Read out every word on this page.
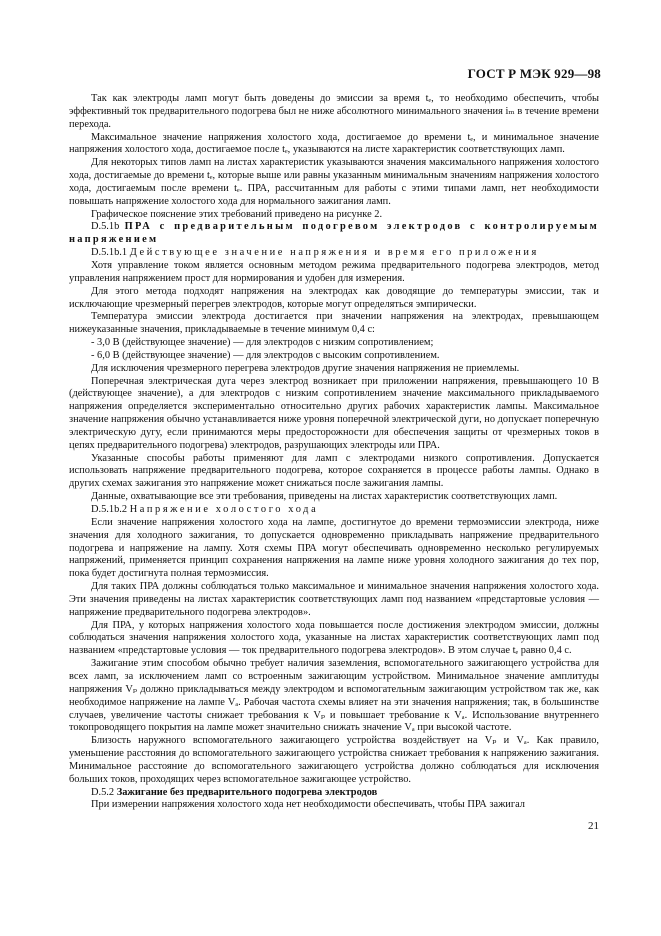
ГОСТ Р МЭК 929—98

Так как электроды ламп могут быть доведены до эмиссии за время tₑ, то необходимо обеспечить, чтобы эффективный ток предварительного подогрева был не ниже абсолютного минимального значения iₘ в течение времени перехода.

Максимальное значение напряжения холостого хода, достигаемое до времени tₑ, и минимальное значение напряжения холостого хода, достигаемое после tₑ, указываются на листе характеристик соответствующих ламп.

Для некоторых типов ламп на листах характеристик указываются значения максимального напряжения холостого хода, достигаемые до времени tₑ, которые выше или равны указанным минимальным значениям напряжения холостого хода, достигаемым после времени tₑ. ПРА, рассчитанным для работы с этими типами ламп, нет необходимости повышать напряжение холостого хода для нормального зажигания ламп.

Графическое пояснение этих требований приведено на рисунке 2.

D.5.1b ПРА с предварительным подогревом электродов с контролируемым напряжением

D.5.1b.1 Действующее значение напряжения и время его приложения

Хотя управление током является основным методом режима предварительного подогрева электродов, метод управления напряжением прост для нормирования и удобен для измерения.

Для этого метода подходят напряжения на электродах как доводящие до температуры эмиссии, так и исключающие чрезмерный перегрев электродов, которые могут определяться эмпирически.

Температура эмиссии электрода достигается при значении напряжения на электродах, превышающем нижеуказанные значения, прикладываемые в течение минимум 0,4 с:

- 3,0 В (действующее значение) — для электродов с низким сопротивлением;

- 6,0 В (действующее значение) — для электродов с высоким сопротивлением.

Для исключения чрезмерного перегрева электродов другие значения напряжения не приемлемы.

Поперечная электрическая дуга через электрод возникает при приложении напряжения, превышающего 10 В (действующее значение), а для электродов с низким сопротивлением значение максимального прикладываемого напряжения определяется экспериментально относительно других рабочих характеристик лампы. Максимальное значение напряжения обычно устанавливается ниже уровня поперечной электрической дуги, но допускает поперечную электрическую дугу, если принимаются меры предосторожности для обеспечения защиты от чрезмерных токов в цепях предварительного подогрева) электродов, разрушающих электроды или ПРА.

Указанные способы работы применяют для ламп с электродами низкого сопротивления. Допускается использовать напряжение предварительного подогрева, которое сохраняется в процессе работы лампы. Однако в других схемах зажигания это напряжение может снижаться после зажигания лампы.

Данные, охватывающие все эти требования, приведены на листах характеристик соответствующих ламп.

D.5.1b.2 Напряжение холостого хода

Если значение напряжения холостого хода на лампе, достигнутое до времени термоэмиссии электрода, ниже значения для холодного зажигания, то допускается одновременно прикладывать напряжение предварительного подогрева и напряжение на лампу. Хотя схемы ПРА могут обеспечивать одновременно несколько регулируемых напряжений, применяется принцип сохранения напряжения на лампе ниже уровня холодного зажигания до тех пор, пока будет достигнута полная термоэмиссия.

Для таких ПРА должны соблюдаться только максимальное и минимальное значения напряжения холостого хода. Эти значения приведены на листах характеристик соответствующих ламп под названием «предстартовые условия — напряжение предварительного подогрева электродов».

Для ПРА, у которых напряжения холостого хода повышается после достижения электродом эмиссии, должны соблюдаться значения напряжения холостого хода, указанные на листах характеристик соответствующих ламп под названием «предстартовые условия — ток предварительного подогрева электродов». В этом случае tₑ равно 0,4 с.

Зажигание этим способом обычно требует наличия заземления, вспомогательного зажигающего устройства для всех ламп, за исключением ламп со встроенным зажигающим устройством. Минимальное значение амплитуды напряжения Vₚ должно прикладываться между электродом и вспомогательным зажигающим устройством так же, как необходимое напряжение на лампе Vₐ. Рабочая частота схемы влияет на эти значения напряжения; так, в большинстве случаев, увеличение частоты снижает требования к Vₚ и повышает требование к Vₐ. Использование внутреннего токопроводящего покрытия на лампе может значительно снижать значение Vₐ при высокой частоте.

Близость наружного вспомогательного зажигающего устройства воздействует на Vₚ и Vₐ. Как правило, уменьшение расстояния до вспомогательного зажигающего устройства снижает требования к напряжению зажигания. Минимальное расстояние до вспомогательного зажигающего устройства должно соблюдаться для исключения больших токов, проходящих через вспомогательное зажигающее устройство.

D.5.2 Зажигание без предварительного подогрева электродов

При измерении напряжения холостого хода нет необходимости обеспечивать, чтобы ПРА зажигал

21
